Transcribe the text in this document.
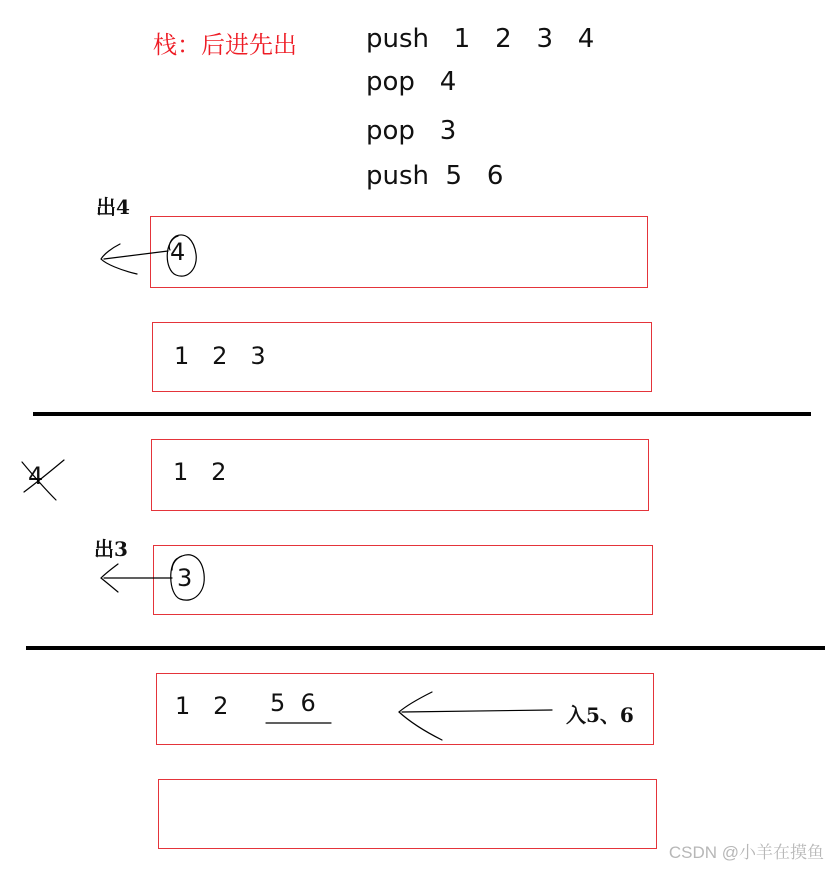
栈：后进先出	push   1   2   3   4
pop   4
pop   3
push  5   6
出4
4
1   2   3
4	1   2
出3
3
1   2 5  6	入5、6
CSDN @小羊在摸鱼
